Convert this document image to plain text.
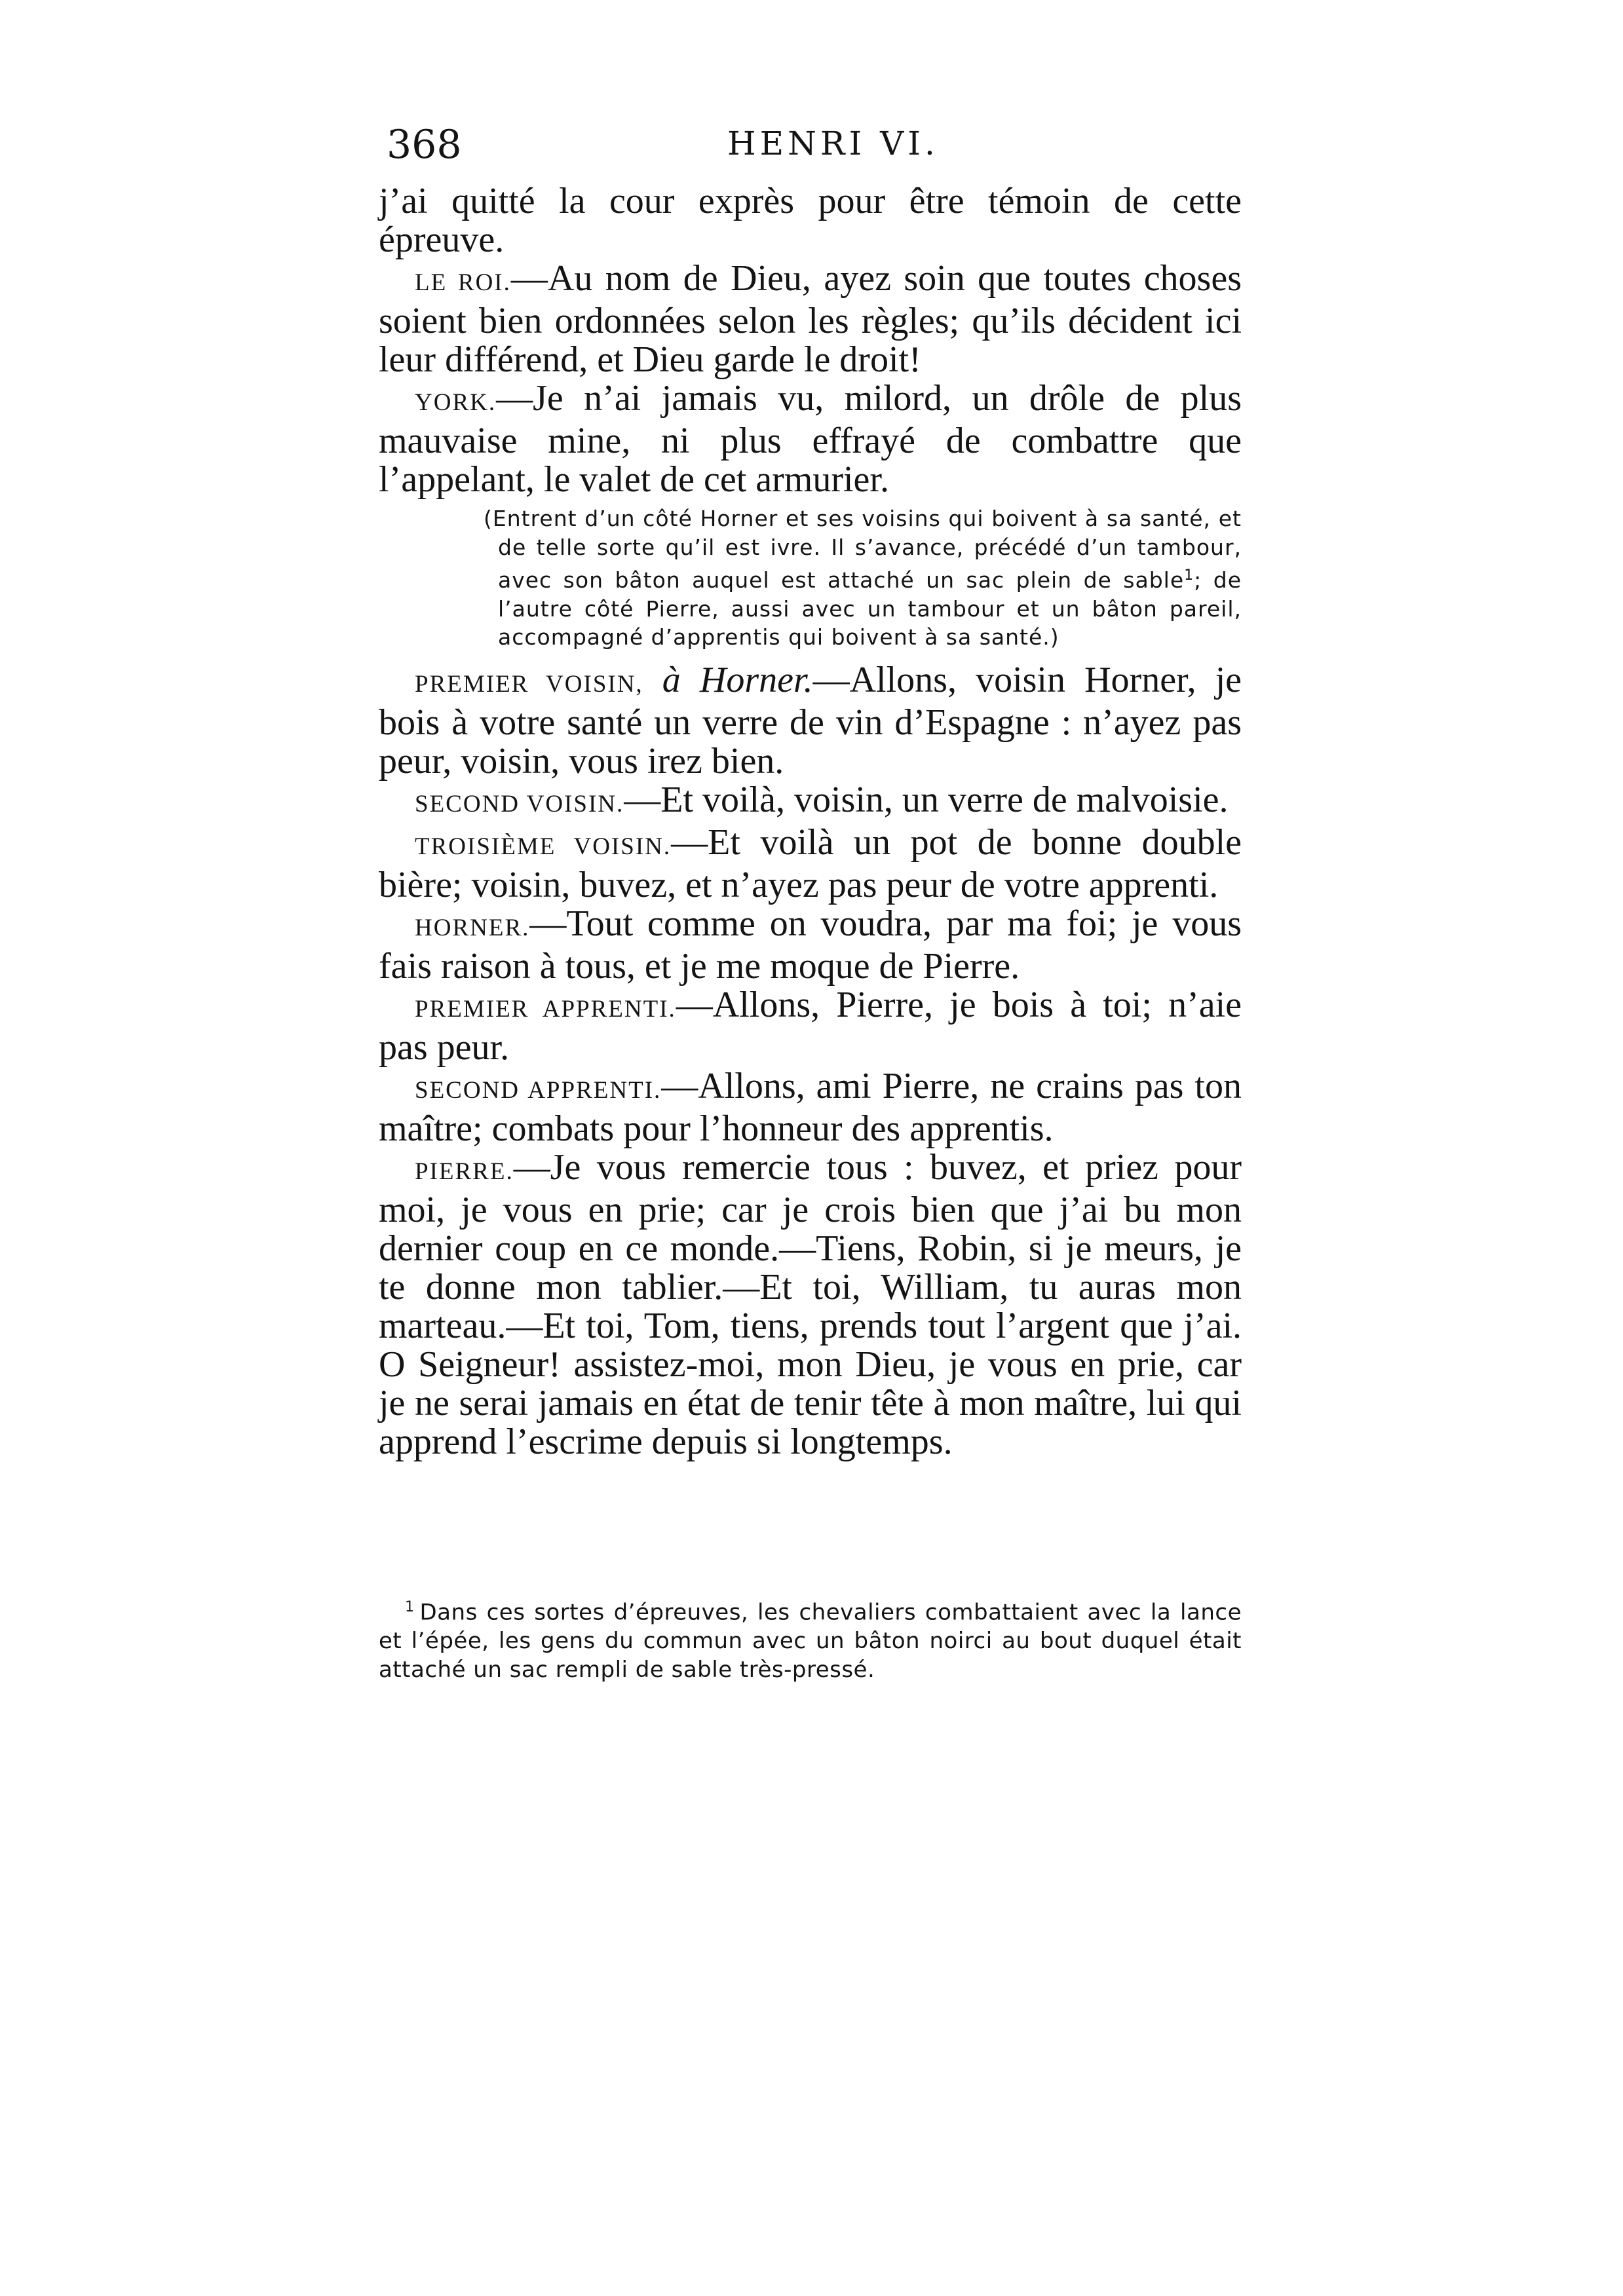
368	HENRI VI.

j’ai quitté la cour exprès pour être témoin de cette épreuve.

LE ROI.—Au nom de Dieu, ayez soin que toutes choses soient bien ordonnées selon les règles; qu’ils décident ici leur différend, et Dieu garde le droit!

YORK.—Je n’ai jamais vu, milord, un drôle de plus mauvaise mine, ni plus effrayé de combattre que l’appelant, le valet de cet armurier.

(Entrent d’un côté Horner et ses voisins qui boivent à sa santé, et de telle sorte qu’il est ivre. Il s’avance, précédé d’un tambour, avec son bâton auquel est attaché un sac plein de sable$^1$; de l’autre côté Pierre, aussi avec un tambour et un bâton pareil, accompagné d’apprentis qui boivent à sa santé.)

PREMIER VOISIN, à Horner.—Allons, voisin Horner, je bois à votre santé un verre de vin d’Espagne : n’ayez pas peur, voisin, vous irez bien.

SECOND VOISIN.—Et voilà, voisin, un verre de malvoisie.

TROISIÈME VOISIN.—Et voilà un pot de bonne double bière; voisin, buvez, et n’ayez pas peur de votre apprenti.

HORNER.—Tout comme on voudra, par ma foi; je vous fais raison à tous, et je me moque de Pierre.

PREMIER APPRENTI.—Allons, Pierre, je bois à toi; n’aie pas peur.

SECOND APPRENTI.—Allons, ami Pierre, ne crains pas ton maître; combats pour l’honneur des apprentis.

PIERRE.—Je vous remercie tous : buvez, et priez pour moi, je vous en prie; car je crois bien que j’ai bu mon dernier coup en ce monde.—Tiens, Robin, si je meurs, je te donne mon tablier.—Et toi, William, tu auras mon marteau.—Et toi, Tom, tiens, prends tout l’argent que j’ai. O Seigneur! assistez-moi, mon Dieu, je vous en prie, car je ne serai jamais en état de tenir tête à mon maître, lui qui apprend l’escrime depuis si longtemps.

$^1$ Dans ces sortes d’épreuves, les chevaliers combattaient avec la lance et l’épée, les gens du commun avec un bâton noirci au bout duquel était attaché un sac rempli de sable très-pressé.
